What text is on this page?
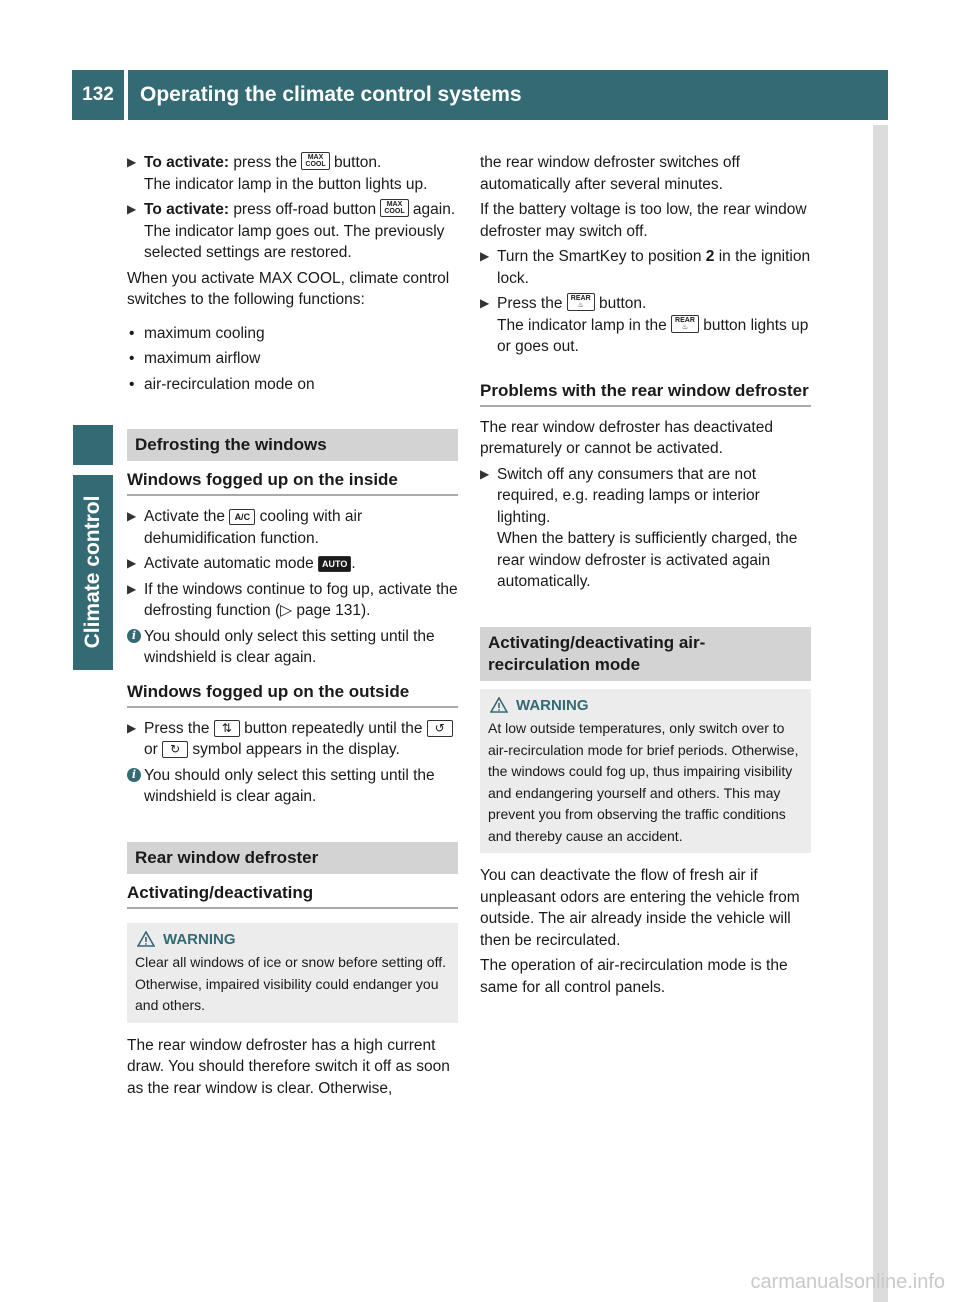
132	Operating the climate control systems
Climate control
▶ To activate: press the MAX
COOL button.
The indicator lamp in the button lights up.
▶ To activate: press off-road button MAX
COOL again.
The indicator lamp goes out. The previously selected settings are restored.

When you activate MAX COOL, climate control switches to the following functions:

• maximum cooling
• maximum airflow
• air-recirculation mode on
Defrosting the windows
Windows fogged up on the inside
▶ Activate the A/C cooling with air dehumidification function.
▶ Activate automatic mode AUTO .
▶ If the windows continue to fog up, activate the defrosting function (▷ page 131).
i You should only select this setting until the windshield is clear again.
Windows fogged up on the outside
▶ Press the ⇅ button repeatedly until the ↺ or ↻ symbol appears in the display.
i You should only select this setting until the windshield is clear again.
Rear window defroster
Activating/deactivating
WARNING
Clear all windows of ice or snow before setting off. Otherwise, impaired visibility could endanger you and others.

The rear window defroster has a high current draw. You should therefore switch it off as soon as the rear window is clear. Otherwise,

the rear window defroster switches off automatically after several minutes.

If the battery voltage is too low, the rear window defroster may switch off.

▶ Turn the SmartKey to position 2 in the ignition lock.
▶ Press the REAR
♨ button.
The indicator lamp in the REAR
♨ button lights up or goes out.
Problems with the rear window defroster

The rear window defroster has deactivated prematurely or cannot be activated.

▶ Switch off any consumers that are not required, e.g. reading lamps or interior lighting.
When the battery is sufficiently charged, the rear window defroster is activated again automatically.
Activating/deactivating air-recirculation mode
WARNING
At low outside temperatures, only switch over to air-recirculation mode for brief periods. Otherwise, the windows could fog up, thus impairing visibility and endangering yourself and others. This may prevent you from observing the traffic conditions and thereby cause an accident.

You can deactivate the flow of fresh air if unpleasant odors are entering the vehicle from outside. The air already inside the vehicle will then be recirculated.

The operation of air-recirculation mode is the same for all control panels.

carmanualsonline.info
